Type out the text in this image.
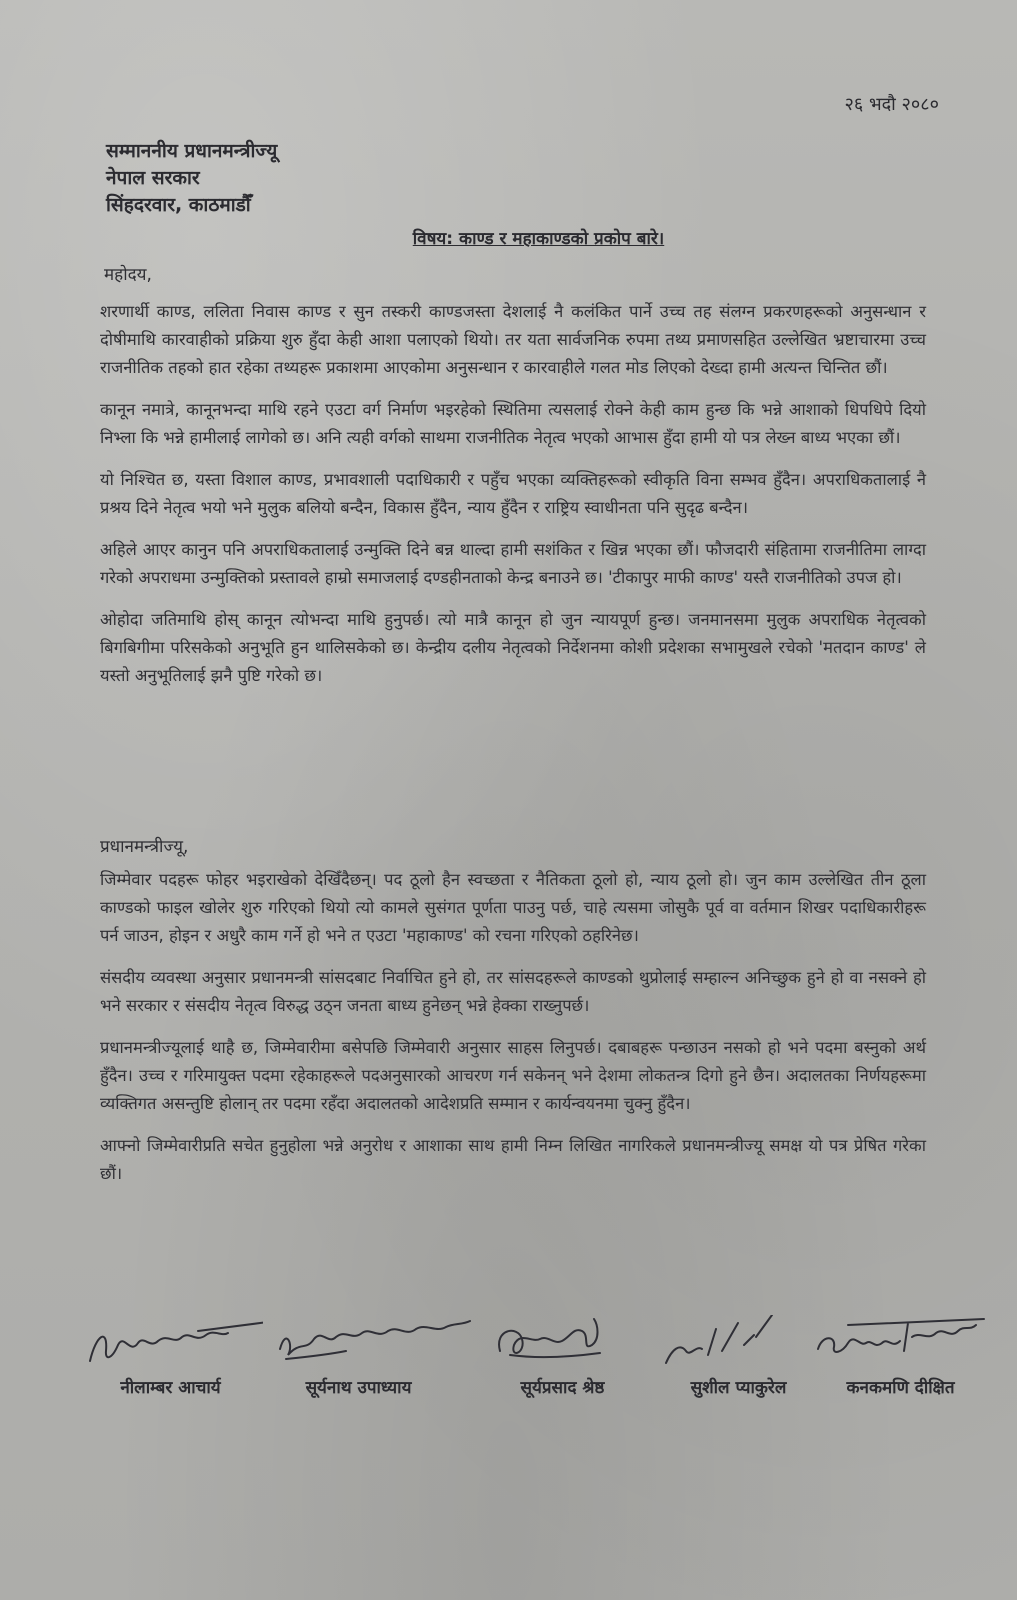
२६ भदौ २०८०
सम्माननीय प्रधानमन्त्रीज्यू
नेपाल सरकार
सिंहदरवार, काठमाडौँ
विषय: काण्ड र महाकाण्डको प्रकोप बारे।
महोदय,

शरणार्थी काण्ड, ललिता निवास काण्ड र सुन तस्करी काण्डजस्ता देशलाई नै कलंकित पार्ने उच्च तह संलग्न प्रकरणहरूको अनुसन्धान र दोषीमाथि कारवाहीको प्रक्रिया शुरु हुँदा केही आशा पलाएको थियो। तर यता सार्वजनिक रुपमा तथ्य प्रमाणसहित उल्लेखित भ्रष्टाचारमा उच्च राजनीतिक तहको हात रहेका तथ्यहरू प्रकाशमा आएकोमा अनुसन्धान र कारवाहीले गलत मोड लिएको देख्दा हामी अत्यन्त चिन्तित छौं।

कानून नमात्रे, कानूनभन्दा माथि रहने एउटा वर्ग निर्माण भइरहेको स्थितिमा त्यसलाई रोक्ने केही काम हुन्छ कि भन्ने आशाको धिपधिपे दियो निभ्ला कि भन्ने हामीलाई लागेको छ। अनि त्यही वर्गको साथमा राजनीतिक नेतृत्व भएको आभास हुँदा हामी यो पत्र लेख्न बाध्य भएका छौं।

यो निश्चित छ, यस्ता विशाल काण्ड, प्रभावशाली पदाधिकारी र पहुँच भएका व्यक्तिहरूको स्वीकृति विना सम्भव हुँदैन। अपराधिकतालाई नै प्रश्रय दिने नेतृत्व भयो भने मुलुक बलियो बन्दैन, विकास हुँदैन, न्याय हुँदैन र राष्ट्रिय स्वाधीनता पनि सुदृढ बन्दैन।

अहिले आएर कानुन पनि अपराधिकतालाई उन्मुक्ति दिने बन्न थाल्दा हामी सशंकित र खिन्न भएका छौं। फौजदारी संहितामा राजनीतिमा लाग्दा गरेको अपराधमा उन्मुक्तिको प्रस्तावले हाम्रो समाजलाई दण्डहीनताको केन्द्र बनाउने छ। 'टीकापुर माफी काण्ड' यस्तै राजनीतिको उपज हो।

ओहोदा जतिमाथि होस् कानून त्योभन्दा माथि हुनुपर्छ। त्यो मात्रै कानून हो जुन न्यायपूर्ण हुन्छ। जनमानसमा मुलुक अपराधिक नेतृत्वको बिगबिगीमा परिसकेको अनुभूति हुन थालिसकेको छ। केन्द्रीय दलीय नेतृत्वको निर्देशनमा कोशी प्रदेशका सभामुखले रचेको 'मतदान काण्ड' ले यस्तो अनुभूतिलाई झनै पुष्टि गरेको छ।

प्रधानमन्त्रीज्यू,

जिम्मेवार पदहरू फोहर भइराखेको देखिँदैछन्। पद ठूलो हैन स्वच्छता र नैतिकता ठूलो हो, न्याय ठूलो हो। जुन काम उल्लेखित तीन ठूला काण्डको फाइल खोलेर शुरु गरिएको थियो त्यो कामले सुसंगत पूर्णता पाउनु पर्छ, चाहे त्यसमा जोसुकै पूर्व वा वर्तमान शिखर पदाधिकारीहरू पर्न जाउन, होइन र अधुरै काम गर्ने हो भने त एउटा 'महाकाण्ड' को रचना गरिएको ठहरिनेछ।

संसदीय व्यवस्था अनुसार प्रधानमन्त्री सांसदबाट निर्वाचित हुने हो, तर सांसदहरूले काण्डको थुप्रोलाई सम्हाल्न अनिच्छुक हुने हो वा नसक्ने हो भने सरकार र संसदीय नेतृत्व विरुद्ध उठ्न जनता बाध्य हुनेछन् भन्ने हेक्का राख्नुपर्छ।

प्रधानमन्त्रीज्यूलाई थाहै छ, जिम्मेवारीमा बसेपछि जिम्मेवारी अनुसार साहस लिनुपर्छ। दबाबहरू पन्छाउन नसको हो भने पदमा बस्नुको अर्थ हुँदैन। उच्च र गरिमायुक्त पदमा रहेकाहरूले पदअनुसारको आचरण गर्न सकेनन् भने देशमा लोकतन्त्र दिगो हुने छैन। अदालतका निर्णयहरूमा व्यक्तिगत असन्तुष्टि होलान् तर पदमा रहँदा अदालतको आदेशप्रति सम्मान र कार्यन्वयनमा चुक्नु हुँदैन।

आफ्नो जिम्मेवारीप्रति सचेत हुनुहोला भन्ने अनुरोध र आशाका साथ हामी निम्न लिखित नागरिकले प्रधानमन्त्रीज्यू समक्ष यो पत्र प्रेषित गरेका छौं।

नीलाम्बर आचार्य	सूर्यनाथ उपाध्याय	सूर्यप्रसाद श्रेष्ठ	सुशील प्याकुरेल	कनकमणि दीक्षित
